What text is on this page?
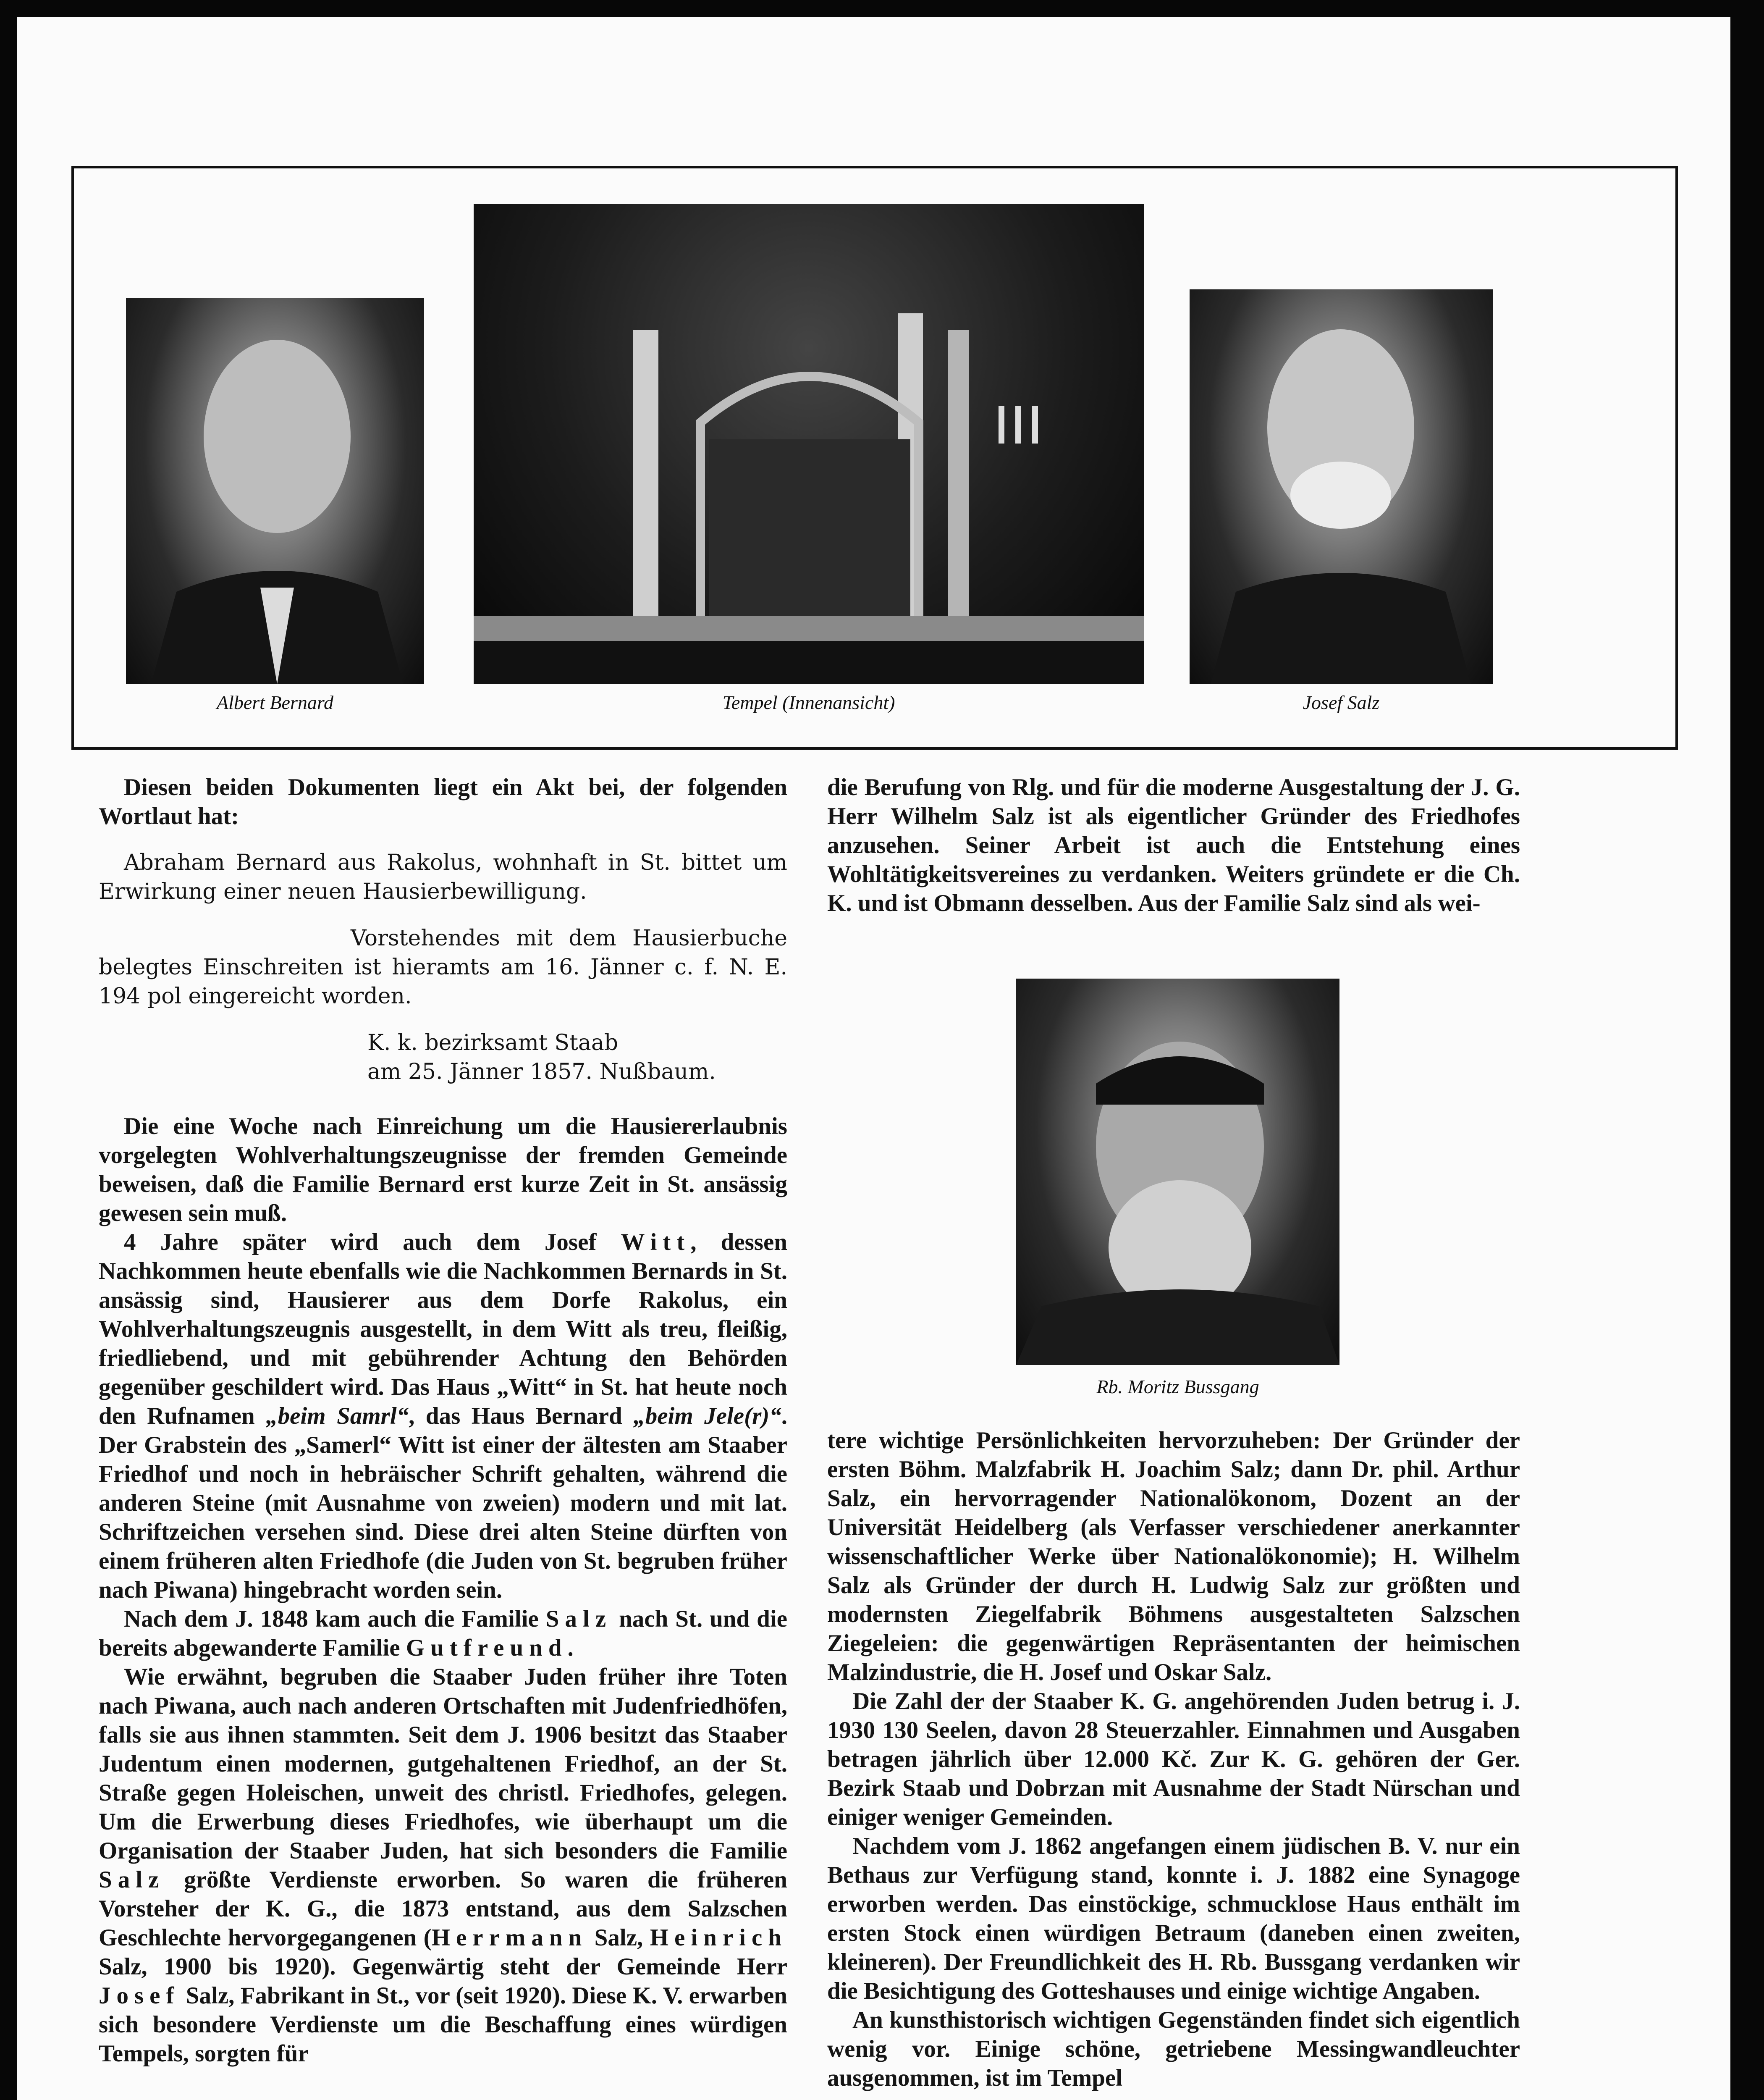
Albert Bernard	Tempel (Innenansicht)	Josef Salz

Diesen beiden Dokumenten liegt ein Akt bei, der folgenden Wortlaut hat:

Abraham Bernard aus Rakolus, wohnhaft in St. bittet um Erwirkung einer neuen Hausierbewilligung.

Vorstehendes mit dem Hausierbuche belegtes Einschreiten ist hieramts am 16. Jänner c. f. N. E. 194 pol eingereicht worden.

K. k. bezirksamt Staab

am 25. Jänner 1857. Nußbaum.

Die eine Woche nach Einreichung um die Hausiererlaubnis vorgelegten Wohlverhaltungszeugnisse der fremden Gemeinde beweisen, daß die Familie Bernard erst kurze Zeit in St. ansässig gewesen sein muß.

4 Jahre später wird auch dem Josef Witt, dessen Nachkommen heute ebenfalls wie die Nachkommen Bernards in St. ansässig sind, Hausierer aus dem Dorfe Rakolus, ein Wohlverhaltungszeugnis ausgestellt, in dem Witt als treu, fleißig, friedliebend, und mit gebührender Achtung den Behörden gegenüber geschildert wird. Das Haus „Witt“ in St. hat heute noch den Rufnamen „beim Samrl“, das Haus Bernard „beim Jele(r)“. Der Grabstein des „Samerl“ Witt ist einer der ältesten am Staaber Friedhof und noch in hebräischer Schrift gehalten, während die anderen Steine (mit Ausnahme von zweien) modern und mit lat. Schriftzeichen versehen sind. Diese drei alten Steine dürften von einem früheren alten Friedhofe (die Juden von St. begruben früher nach Piwana) hingebracht worden sein.

Nach dem J. 1848 kam auch die Familie Salz nach St. und die bereits abgewanderte Familie Gutfreund.

Wie erwähnt, begruben die Staaber Juden früher ihre Toten nach Piwana, auch nach anderen Ortschaften mit Judenfriedhöfen, falls sie aus ihnen stammten. Seit dem J. 1906 besitzt das Staaber Judentum einen modernen, gutgehaltenen Friedhof, an der St. Straße gegen Holeischen, unweit des christl. Friedhofes, gelegen. Um die Erwerbung dieses Friedhofes, wie überhaupt um die Organisation der Staaber Juden, hat sich besonders die Familie Salz größte Verdienste erworben. So waren die früheren Vorsteher der K. G., die 1873 entstand, aus dem Salzschen Geschlechte hervorgegangenen (Herrmann Salz, Heinrich Salz, 1900 bis 1920). Gegenwärtig steht der Gemeinde Herr Josef Salz, Fabrikant in St., vor (seit 1920). Diese K. V. erwarben sich besondere Verdienste um die Beschaffung eines würdigen Tempels, sorgten für

die Berufung von Rlg. und für die moderne Ausgestaltung der J. G. Herr Wilhelm Salz ist als eigentlicher Gründer des Friedhofes anzusehen. Seiner Arbeit ist auch die Entstehung eines Wohltätigkeitsvereines zu verdanken. Weiters gründete er die Ch. K. und ist Obmann desselben. Aus der Familie Salz sind als wei-

Rb. Moritz Bussgang

tere wichtige Persönlichkeiten hervorzuheben: Der Gründer der ersten Böhm. Malzfabrik H. Joachim Salz; dann Dr. phil. Arthur Salz, ein hervorragender Nationalökonom, Dozent an der Universität Heidelberg (als Verfasser verschiedener anerkannter wissenschaftlicher Werke über Nationalökonomie); H. Wilhelm Salz als Gründer der durch H. Ludwig Salz zur größten und modernsten Ziegelfabrik Böhmens ausgestalteten Salzschen Ziegeleien: die gegenwärtigen Repräsentanten der heimischen Malzindustrie, die H. Josef und Oskar Salz.

Die Zahl der der Staaber K. G. angehörenden Juden betrug i. J. 1930 130 Seelen, davon 28 Steuerzahler. Einnahmen und Ausgaben betragen jährlich über 12.000 Kč. Zur K. G. gehören der Ger. Bezirk Staab und Dobrzan mit Ausnahme der Stadt Nürschan und einiger weniger Gemeinden.

Nachdem vom J. 1862 angefangen einem jüdischen B. V. nur ein Bethaus zur Verfügung stand, konnte i. J. 1882 eine Synagoge erworben werden. Das einstöckige, schmucklose Haus enthält im ersten Stock einen würdigen Betraum (daneben einen zweiten, kleineren). Der Freundlichkeit des H. Rb. Bussgang verdanken wir die Besichtigung des Gotteshauses und einige wichtige Angaben.

An kunsthistorisch wichtigen Gegenständen findet sich eigentlich wenig vor. Einige schöne, getriebene Messingwandleuchter ausgenommen, ist im Tempel
